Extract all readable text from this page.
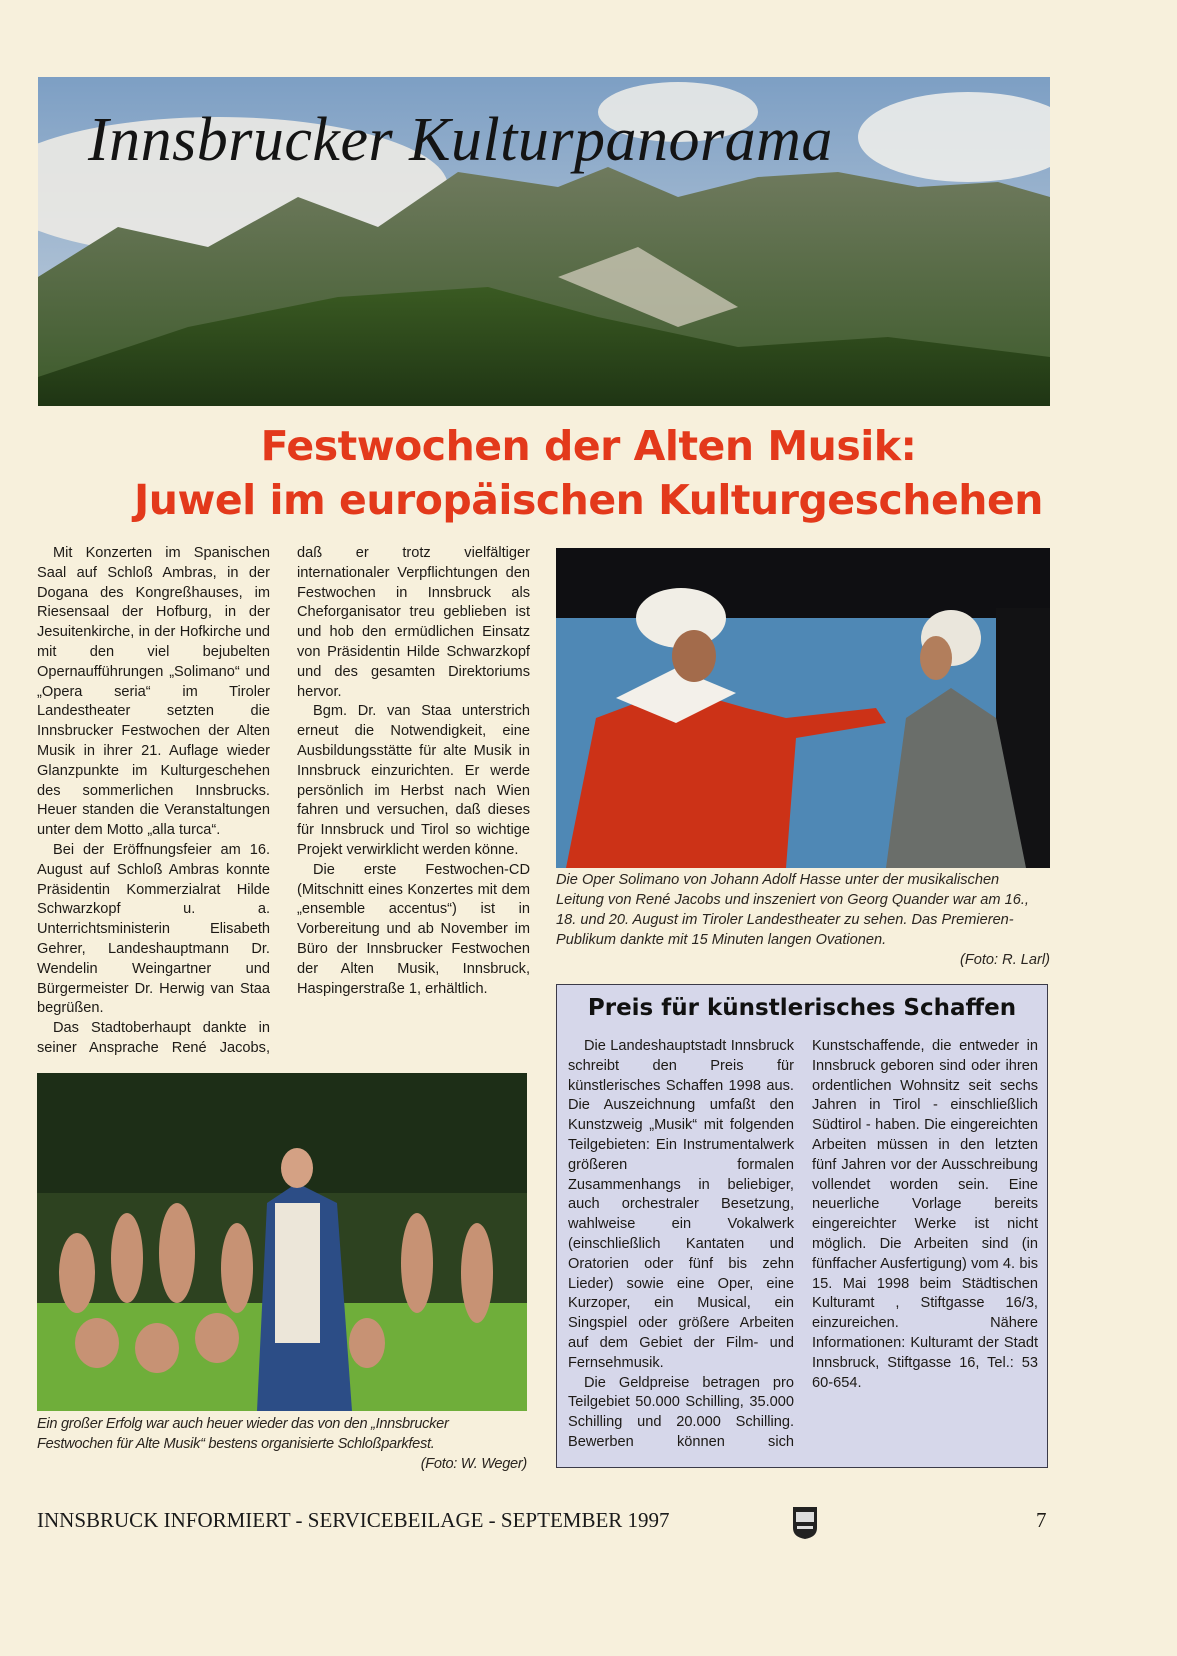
Innsbrucker Kulturpanorama
Festwochen der Alten Musik:
Juwel im europäischen Kulturgeschehen

Mit Konzerten im Spanischen Saal auf Schloß Ambras, in der Dogana des Kongreßhauses, im Riesensaal der Hofburg, in der Jesuitenkirche, in der Hofkirche und mit den viel bejubelten Opernaufführungen „Solimano“ und „Opera seria“ im Tiroler Landestheater setzten die Innsbrucker Festwochen der Alten Musik in ihrer 21. Auflage wieder Glanzpunkte im Kulturgeschehen des sommerlichen Innsbrucks. Heuer standen die Veranstaltungen unter dem Motto „alla turca“.

Bei der Eröffnungsfeier am 16. August auf Schloß Ambras konnte Präsidentin Kommerzialrat Hilde Schwarzkopf u. a. Unterrichtsministerin Elisabeth Gehrer, Landeshauptmann Dr. Wendelin Weingartner und Bürgermeister Dr. Herwig van Staa begrüßen.

Das Stadtoberhaupt dankte in seiner Ansprache René Jacobs, daß er trotz vielfältiger internationaler Verpflichtungen den Festwochen in Innsbruck als Cheforganisator treu geblieben ist und hob den ermüdlichen Einsatz von Präsidentin Hilde Schwarzkopf und des gesamten Direktoriums hervor.

Bgm. Dr. van Staa unterstrich erneut die Notwendigkeit, eine Ausbildungsstätte für alte Musik in Innsbruck einzurichten. Er werde persönlich im Herbst nach Wien fahren und versuchen, daß dieses für Innsbruck und Tirol so wichtige Projekt verwirklicht werden könne.

Die erste Festwochen-CD (Mitschnitt eines Konzertes mit dem „ensemble accentus“) ist in Vorbereitung und ab November im Büro der Innsbrucker Festwochen der Alten Musik, Innsbruck, Haspingerstraße 1, erhältlich.

Die Oper Solimano von Johann Adolf Hasse unter der musikalischen Leitung von René Jacobs und inszeniert von Georg Quander war am 16., 18. und 20. August im Tiroler Landestheater zu sehen. Das Premieren-Publikum dankte mit 15 Minuten langen Ovationen.
(Foto: R. Larl)
Preis für künstlerisches Schaffen

Die Landeshauptstadt Innsbruck schreibt den Preis für künstlerisches Schaffen 1998 aus. Die Auszeichnung umfaßt den Kunstzweig „Musik“ mit folgenden Teilgebieten: Ein Instrumentalwerk größeren formalen Zusammenhangs in beliebiger, auch orchestraler Besetzung, wahlweise ein Vokalwerk (einschließlich Kantaten und Oratorien oder fünf bis zehn Lieder) sowie eine Oper, eine Kurzoper, ein Musical, ein Singspiel oder größere Arbeiten auf dem Gebiet der Film- und Fernsehmusik.

Die Geldpreise betragen pro Teilgebiet 50.000 Schilling, 35.000 Schilling und 20.000 Schilling. Bewerben können sich Kunstschaffende, die entweder in Innsbruck geboren sind oder ihren ordentlichen Wohnsitz seit sechs Jahren in Tirol - einschließlich Südtirol - haben. Die eingereichten Arbeiten müssen in den letzten fünf Jahren vor der Ausschreibung vollendet worden sein. Eine neuerliche Vorlage bereits eingereichter Werke ist nicht möglich. Die Arbeiten sind (in fünffacher Ausfertigung) vom 4. bis 15. Mai 1998 beim Städtischen Kulturamt , Stiftgasse 16/3, einzureichen. Nähere Informationen: Kulturamt der Stadt Innsbruck, Stiftgasse 16, Tel.: 53 60-654.

Ein großer Erfolg war auch heuer wieder das von den „Innsbrucker Festwochen für Alte Musik“ bestens organisierte Schloßparkfest.
(Foto: W. Weger)
INNSBRUCK INFORMIERT - SERVICEBEILAGE - SEPTEMBER 1997	7
